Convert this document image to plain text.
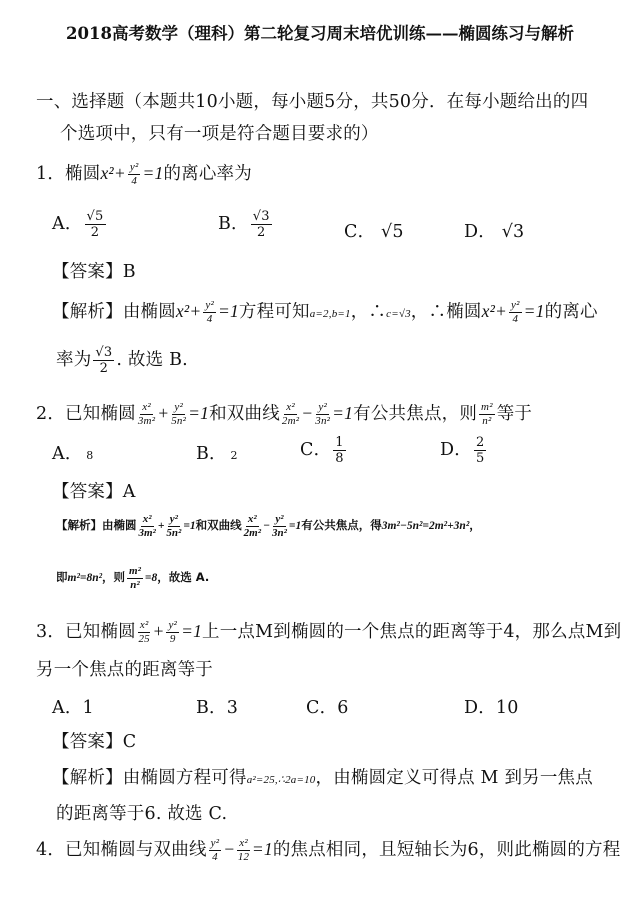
2018高考数学（理科）第二轮复习周末培优训练——椭圆练习与解析
一、选择题（本题共10小题，每小题5分，共50分．在每小题给出的四
个选项中，只有一项是符合题目要求的）
1．椭圆$x^2+ \frac{\text{y²}}{4} =1$的离心率为
A． $\frac{√5}{2}$	B． $\frac{√3}{2}$	C． √5	D． √3
【答案】B
【解析】由椭圆$x^2+ \frac{\text{y²}}{4} =1$方程可知a=2,b=1，∴c=√3，∴椭圆$x^2+ \frac{\text{y²}}{4} =1$的离心
率为 $\frac{√3}{2}$ . 故选 B.
2．已知椭圆 $\frac{\text{x²}}{\text{3m²}} + \frac{\text{y²}}{\text{5n²}} =1$和双曲线 $\frac{\text{x²}}{\text{2m²}} - \frac{\text{y²}}{\text{3n²}} =1$有公共焦点，则 $\frac{\text{m²}}{\text{n²}}$ 等于
A． 8	B． 2	C． $\frac{1}{8}$	D． $\frac{2}{5}$
【答案】A
【解析】由椭圆 $\frac{\text{x²}}{\text{3m²}} + \frac{\text{y²}}{\text{5n²}} =1$和双曲线 $\frac{\text{x²}}{\text{2m²}} - \frac{\text{y²}}{\text{3n²}} =1$有公共焦点，得3m²−5n²=2m²+3n²，
即m²=8n²，则 $\frac{\text{m²}}{\text{n²}} =8$，故选 A.
3．已知椭圆 $\frac{\text{x²}}{25} + \frac{\text{y²}}{9} =1$上一点M到椭圆的一个焦点的距离等于4，那么点M到
另一个焦点的距离等于
A．1	B．3	C．6	D．10
【答案】C
【解析】由椭圆方程可得a²=25,∴2a=10，由椭圆定义可得点 M 到另一焦点
的距离等于6. 故选 C.
4．已知椭圆与双曲线 $\frac{\text{y²}}{4} - \frac{\text{x²}}{12} =1$的焦点相同，且短轴长为6，则此椭圆的方程
